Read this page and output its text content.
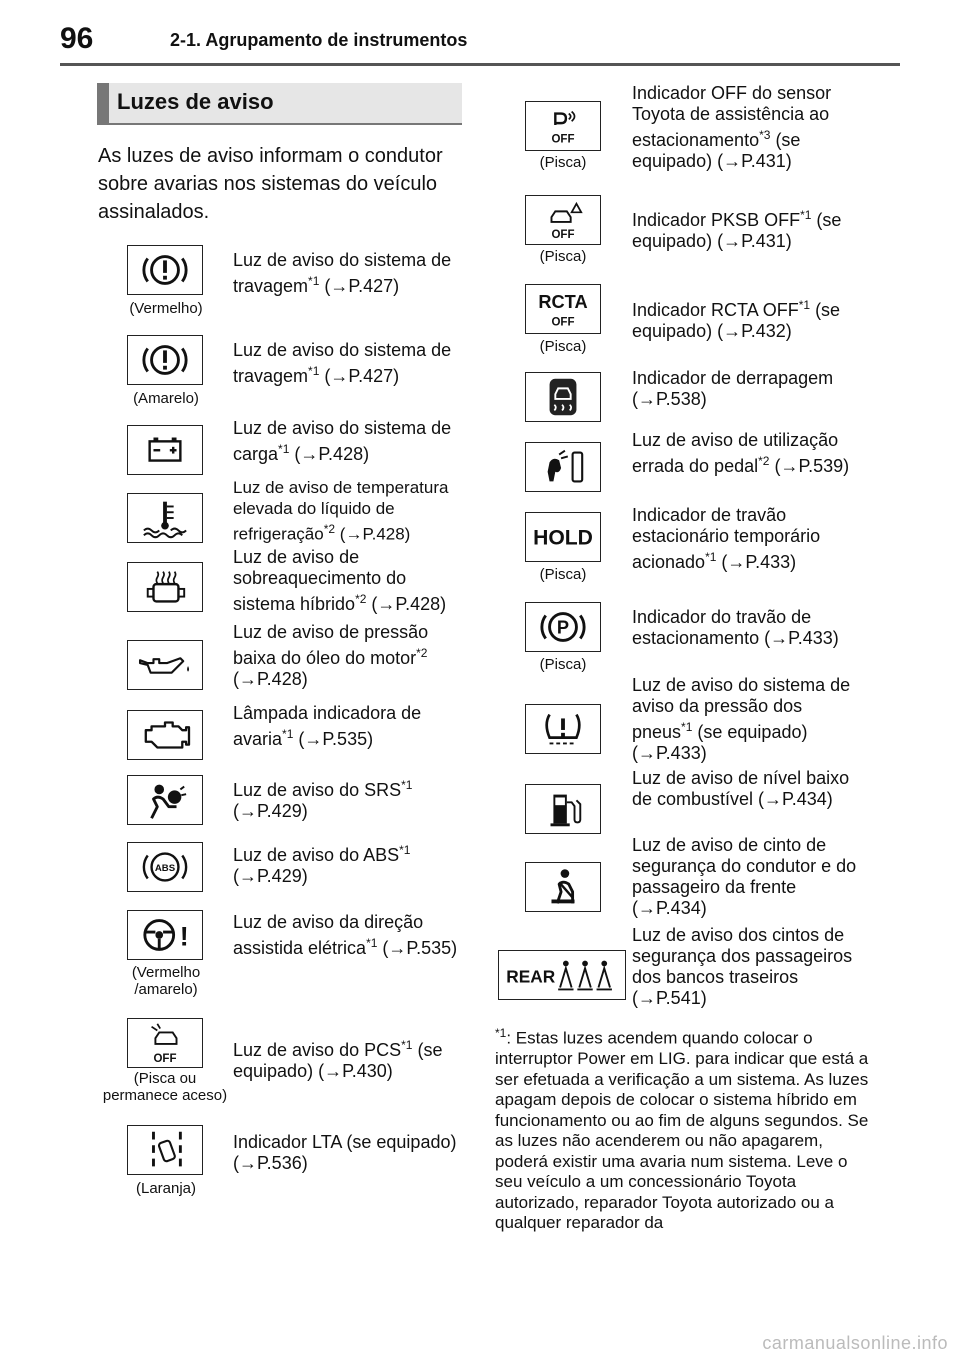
96	2-1. Agrupamento de instrumentos
Luzes de aviso
As luzes de aviso informam o condutor sobre avarias nos sistemas do veículo assinalados.
(Vermelho)
Luz de aviso do sistema de travagem$^{*1}$ (→P.427)
(Amarelo)
Luz de aviso do sistema de travagem$^{*1}$ (→P.427)
Luz de aviso do sistema de carga$^{*1}$ (→P.428)
Luz de aviso de temperatura elevada do líquido de refrigeração$^{*2}$ (→P.428)
Luz de aviso de sobreaquecimento do sistema híbrido$^{*2}$ (→P.428)
Luz de aviso de pressão baixa do óleo do motor$^{*2}$ (→P.428)
Lâmpada indicadora de avaria$^{*1}$ (→P.535)
Luz de aviso do SRS$^{*1}$ (→P.429)
ABS
Luz de aviso do ABS$^{*1}$ (→P.429)
!
(Vermelho /amarelo)
Luz de aviso da direção assistida elétrica$^{*1}$ (→P.535)
OFF
(Pisca ou permanece aceso)
Luz de aviso do PCS$^{*1}$ (se equipado) (→P.430)
(Laranja)
Indicador LTA (se equipado) (→P.536)
OFF
(Pisca)
Indicador OFF do sensor Toyota de assistência ao estacionamento$^{*3}$ (se equipado) (→P.431)
OFF
(Pisca)
Indicador PKSB OFF$^{*1}$ (se equipado) (→P.431)
RCTA
OFF
(Pisca)
Indicador RCTA OFF$^{*1}$ (se equipado) (→P.432)
Indicador de derrapagem (→P.538)
Luz de aviso de utilização errada do pedal$^{*2}$ (→P.539)
HOLD
(Pisca)
Indicador de travão estacionário temporário acionado$^{*1}$ (→P.433)
P
(Pisca)
Indicador do travão de estacionamento (→P.433)
Luz de aviso do sistema de aviso da pressão dos pneus$^{*1}$ (se equipado) (→P.433)
Luz de aviso de nível baixo de combustível (→P.434)
Luz de aviso de cinto de segurança do condutor e do passageiro da frente (→P.434)
REAR
Luz de aviso dos cintos de segurança dos passageiros dos bancos traseiros (→P.541)
$^{*1}$: Estas luzes acendem quando colocar o interruptor Power em LIG. para indicar que está a ser efetuada a verificação a um sistema. As luzes apagam depois de colocar o sistema híbrido em funcionamento ou ao fim de alguns segundos. Se as luzes não acenderem ou não apagarem, poderá existir uma avaria num sistema. Leve o seu veículo a um concessionário Toyota autorizado, reparador Toyota autorizado ou a qualquer reparador da
carmanualsonline.info
